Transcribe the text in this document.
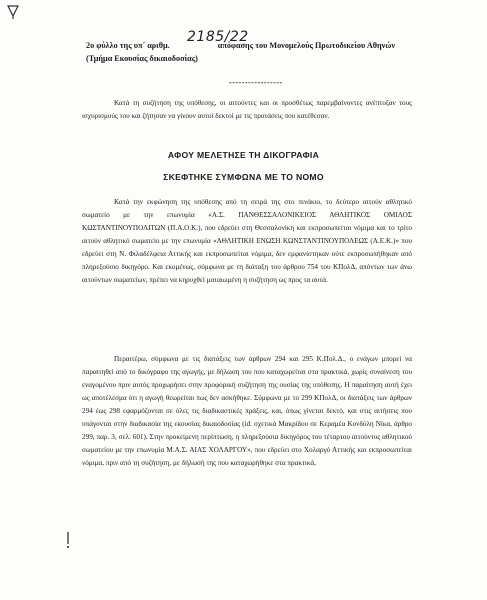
2ο φύλλο της υπ΄ αριθμ.	απόφασης του Μονομελούς Πρωτοδικείου Αθηνών
2185/22
(Τμήμα Εκουσίας δικαιοδοσίας)
-----------------

Κατά τη συζήτηση της υπόθεσης, οι αιτούντες και οι προσθέτως παρεμβαίνοντες ανέπτυξαν τους ισχυρισμούς του και ζήτησαν να γίνουν αυτοί δεκτοί με τις προτάσεις που κατέθεσαν.

ΑΦΟΥ ΜΕΛΕΤΗΣΕ ΤΗ ΔΙΚΟΓΡΑΦΙΑ
ΣΚΕΦΤΗΚΕ ΣΥΜΦΩΝΑ ΜΕ ΤΟ ΝΟΜΟ

Κατά την εκφώνηση της υπόθεσης από τη σειρά της στο πινάκιο, το δεύτερο αιτούν αθλητικό σωματείο με την επωνυμία «Α.Σ. ΠΑΝΘΕΣΣΑΛΟΝΙΚΕΙΟΣ ΑΘΛΗΤΙΚΟΣ ΟΜΙΛΟΣ ΚΩΣΤΑΝΤΙΝΟΥΠΟΛΙΤΩΝ (Π.Α.Ο.Κ.), που εδρεύει στη Θεσσαλονίκη και εκπροσωπείται νόμιμα και το τρίτο αιτούν αθλητικό σωματείο με την επωνυμία «ΑΘΛΗΤΙΚΗ ΕΝΩΣΗ ΚΩΝΣΤΑΝΤΙΝΟΥΠΟΛΕΩΣ (Α.Ε.Κ.)» που εδρεύει στη Ν. Φιλαδέλφεια Αττικής και εκπροσωπείται νόμιμα, δεν εμφανίστηκαν ούτε εκπροσωπήθηκαν από πληρεξούσιο δικηγόρο. Και εκομένως, σύμφωνα με τη διάταξη του άρθρου 754 του ΚΠολΔ, απόντων των άνω αιτούντων σωματείων, πρέπει να κηρυχθεί ματαιωμένη η συζήτηση ως προς τα αυτά.

Περαιτέρω, σύμφωνα με τις διατάξεις των άρθρων 294 και 295 Κ.Πολ.Δ., ο ενάγων μπορεί να παραιτηθεί από το δικόγραφο της αγωγής, με δήλωση του που καταχωρείται στα πρακτικά, χωρίς συναίνεση του εναγομένου πριν αυτός προχωρήσει στην προφορική συζήτηση της ουσίας της υπόθεσης. Η παραίτηση αυτή έχει ως αποτέλεσμα ότι η αγωγή θεωρείται πως δεν ασκήθηκε. Σύμφωνα με το 299 ΚΠολΔ, οι διατάξεις των άρθρων 294 έως 298 εφαρμόζονται σε όλες τις διαδικαστικές πράξεις, και, όπως γίνεται δεκτό, και στις αιτήσεις που υπάγονται στην διαδικασία της εκουσίας δικαιοδοσίας (id. σχετικά Μακρίδου σε Κεραμέα Κονδύλη Νίκα, άρθρο 299, παρ. 3, σελ. 601). Στην προκείμενη περίπτωση, η πληρεξούσια δικηγόρος του τέταρτου αιτούντος αθλητικού σωματείου με την επωνυμία Μ.Α.Σ. ΑΙΑΣ ΧΟΛΑΡΓΟΥ», που εδρεύει στο Χολαργό Αττικής και εκπροσωπείται νόμιμα, πριν από τη συζήτηση, με δήλωσή της που καταχωρήθηκε στα πρακτικά,
